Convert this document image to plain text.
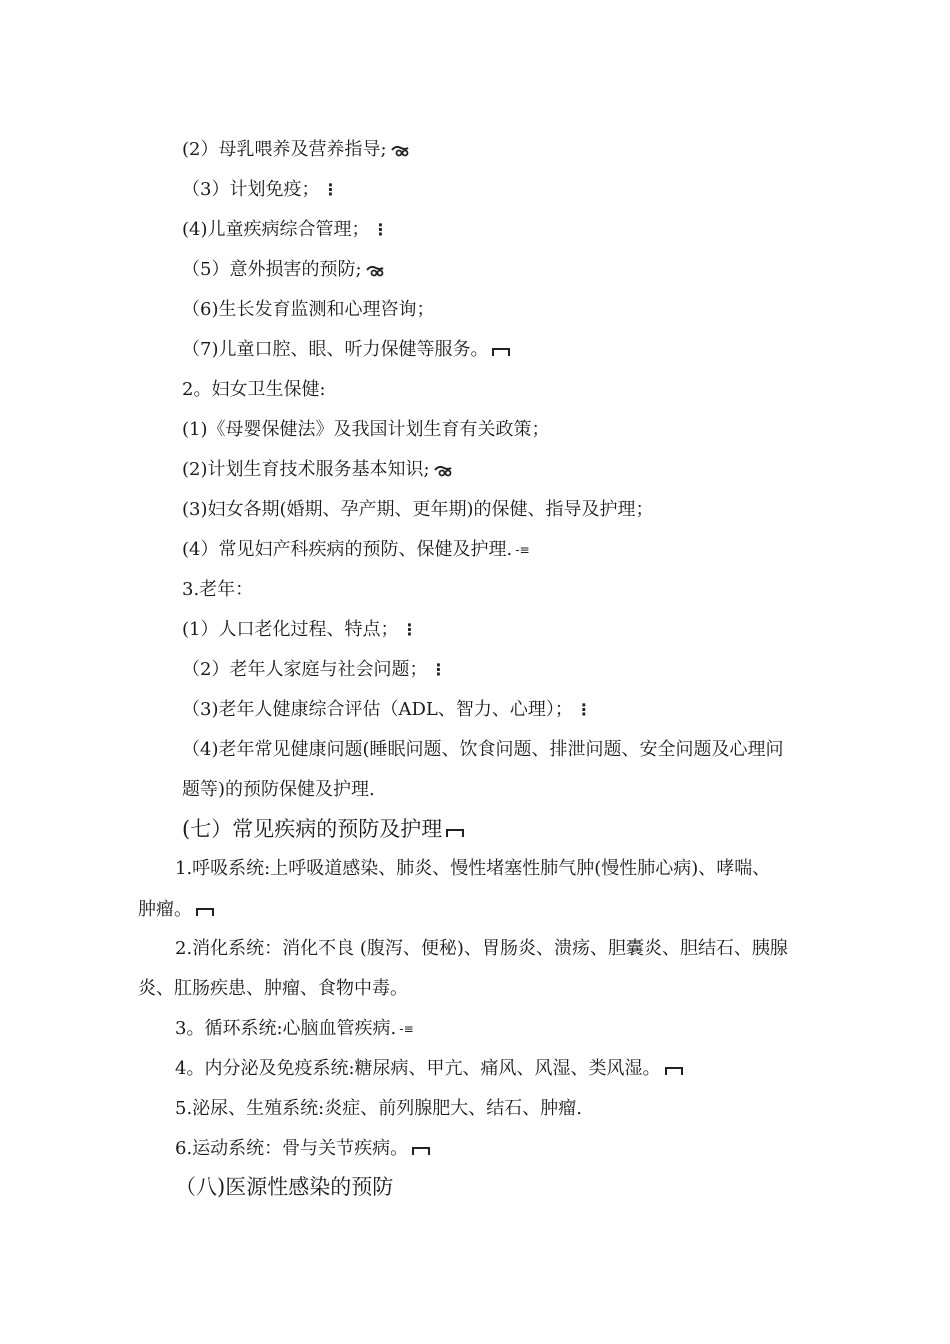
(2）母乳喂养及营养指导;
（3）计划免疫； ⋮
(4)儿童疾病综合管理； ⋮
（5）意外损害的预防;
（6)生长发育监测和心理咨询；
（7)儿童口腔、眼、听力保健等服务。
2。妇女卫生保健:
(1)《母婴保健法》及我国计划生育有关政策；
(2)计划生育技术服务基本知识;
(3)妇女各期(婚期、孕产期、更年期)的保健、指导及护理；
(4）常见妇产科疾病的预防、保健及护理. -≡
3.老年：
(1）人口老化过程、特点； ⋮
（2）老年人家庭与社会问题； ⋮
（3)老年人健康综合评估（ADL、智力、心理）； ⋮
（4)老年常见健康问题(睡眠问题、饮食问题、排泄问题、安全问题及心理问
题等)的预防保健及护理.
(七）常见疾病的预防及护理
1.呼吸系统:上呼吸道感染、肺炎、慢性堵塞性肺气肿(慢性肺心病)、哮喘、
肿瘤。
2.消化系统：消化不良 (腹泻、便秘)、胃肠炎、溃疡、胆囊炎、胆结石、胰腺
炎、肛肠疾患、肿瘤、食物中毒。
3。循环系统:心脑血管疾病. -≡
4。内分泌及免疫系统:糖尿病、甲亢、痛风、风湿、类风湿。
5.泌尿、生殖系统:炎症、前列腺肥大、结石、肿瘤.
6.运动系统：骨与关节疾病。
（八)医源性感染的预防
